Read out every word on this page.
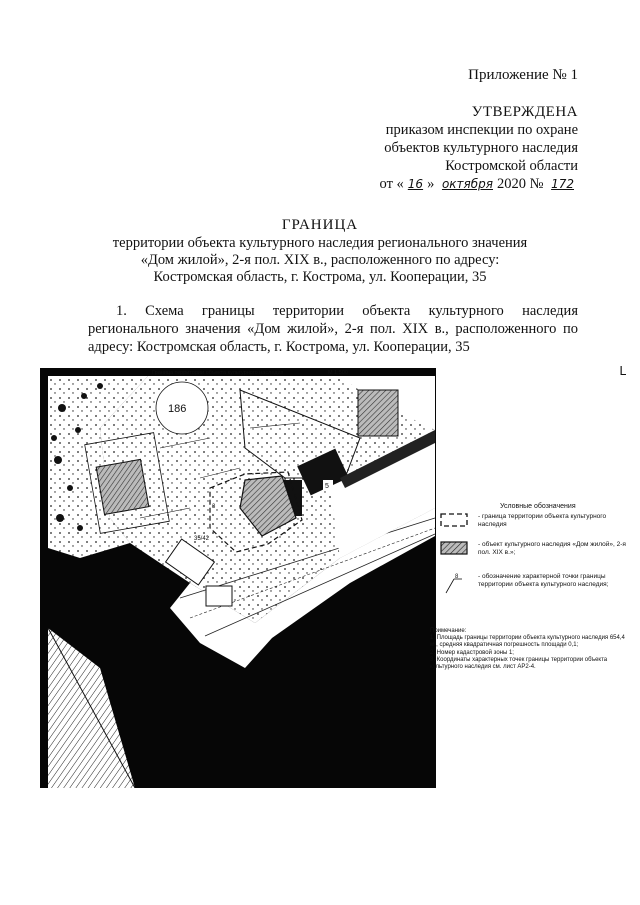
Приложение № 1
УТВЕРЖДЕНА
приказом инспекции по охране
объектов культурного наследия
Костромской области
от « 16 » октября 2020 № 172
ГРАНИЦА
территории объекта культурного наследия регионального значения
«Дом жилой», 2-я пол. XIX в., расположенного по адресу:
Костромская область, г. Кострома, ул. Кооперации, 35
1. Схема границы территории объекта культурного наследия регионального значения «Дом жилой», 2-я пол. XIX в., расположенного по адресу: Костромская область, г. Кострома, ул. Кооперации, 35
L
Граница территории объекта культурного наследия	М 1:500
186
35/42
3
5
Условные обозначения
- граница территории объекта культурного наследия
- объект культурного наследия «Дом жилой», 2-я пол. XIX в.»;
8	- обозначение характерной точки границы территории объекта культурного наследия;
Примечание:
1. Площадь границы территории объекта культурного наследия 654,4 м², средняя квадратичная погрешность площади 0,1;
2. Номер кадастровой зоны 1;
3. Координаты характерных точек границы территории объекта культурного наследия см. лист АР2-4.
